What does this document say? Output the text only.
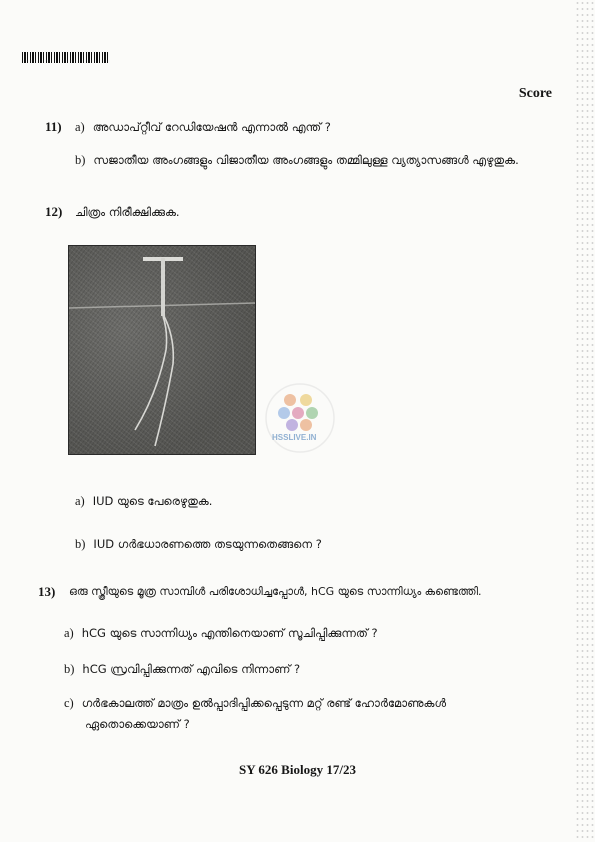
Score
11) a) അഡാപ്റ്റീവ് റേഡിയേഷൻ എന്നാൽ എന്ത് ?
b) സജാതീയ അംഗങ്ങളും വിജാതീയ അംഗങ്ങളും തമ്മിലുള്ള വ്യത്യാസങ്ങൾ എഴുതുക.
12) ചിത്രം നിരീക്ഷിക്കുക.
HSSLIVE.IN
a) IUD യുടെ പേരെഴുതുക.
b) IUD ഗർഭധാരണത്തെ തടയുന്നതെങ്ങനെ ?
13) ഒരു സ്ത്രീയുടെ മൂത്ര സാമ്പിൾ പരിശോധിച്ചപ്പോൾ, hCG യുടെ സാന്നിധ്യം കണ്ടെത്തി.
a) hCG യുടെ സാന്നിധ്യം എന്തിനെയാണ് സൂചിപ്പിക്കുന്നത് ?
b) hCG സ്രവിപ്പിക്കുന്നത് എവിടെ നിന്നാണ് ?
c) ഗർഭകാലത്ത് മാത്രം ഉൽപ്പാദിപ്പിക്കപ്പെടുന്ന മറ്റ് രണ്ട് ഹോർമോണുകൾ
ഏതൊക്കെയാണ് ?
SY 626 Biology 17/23
